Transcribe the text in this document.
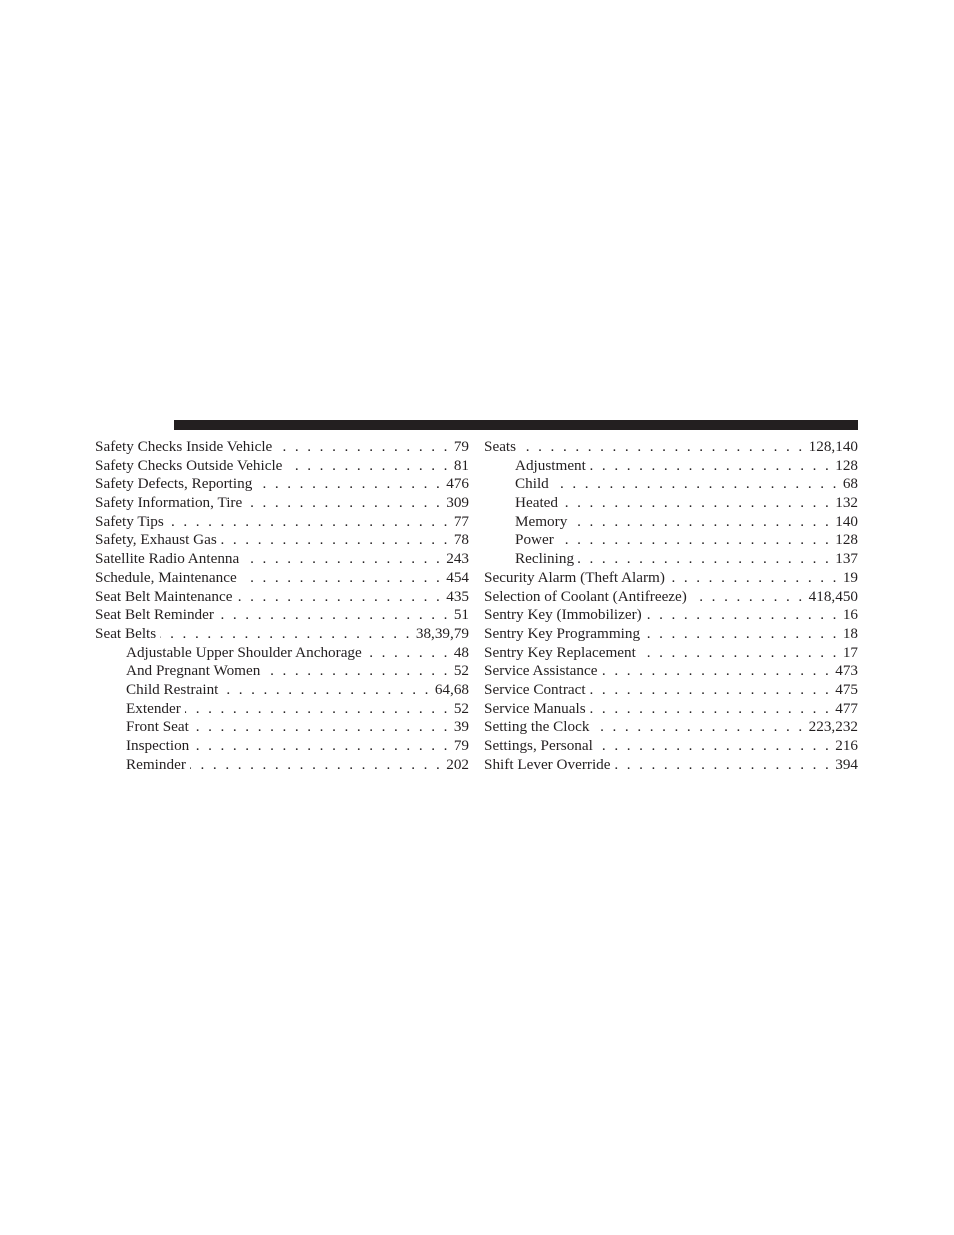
Safety Checks Inside Vehicle . . .	79
Safety Checks Outside Vehicle . . .	81
Safety Defects, Reporting . . .	476
Safety Information, Tire . . .	309
Safety Tips . . .	77
Safety, Exhaust Gas . . .	78
Satellite Radio Antenna . . .	243
Schedule, Maintenance . . .	454
Seat Belt Maintenance . . .	435
Seat Belt Reminder . . .	51
Seat Belts . . .	38,39,79
Adjustable Upper Shoulder Anchorage . . .	48
And Pregnant Women . . .	52
Child Restraint . . .	64,68
Extender . . .	52
Front Seat . . .	39
Inspection . . .	79
Reminder . . .	202
Seats . . .	128,140
Adjustment . . .	128
Child . . .	68
Heated . . .	132
Memory . . .	140
Power . . .	128
Reclining . . .	137
Security Alarm (Theft Alarm) . . .	19
Selection of Coolant (Antifreeze) . . .	418,450
Sentry Key (Immobilizer) . . .	16
Sentry Key Programming . . .	18
Sentry Key Replacement . . .	17
Service Assistance . . .	473
Service Contract . . .	475
Service Manuals . . .	477
Setting the Clock . . .	223,232
Settings, Personal . . .	216
Shift Lever Override . . .	394
